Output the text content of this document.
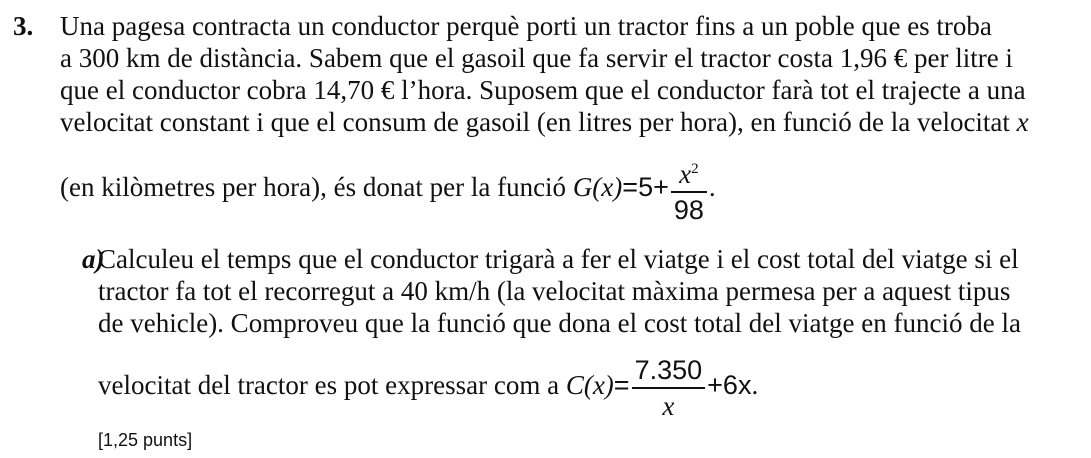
3. Una pagesa contracta un conductor perquè porti un tractor fins a un poble que es troba
a 300 km de distància. Sabem que el gasoil que fa servir el tractor costa 1,96 € per litre i
que el conductor cobra 14,70 € l’hora. Suposem que el conductor farà tot el trajecte a una
velocitat constant i que el consum de gasoil (en litres per hora), en funció de la velocitat x
(en kilòmetres per hora), és donat per la funció $G(x)=5+ \frac{x^2}{98}$ .
a)
Calculeu el temps que el conductor trigarà a fer el viatge i el cost total del viatge si el
tractor fa tot el recorregut a 40 km/h (la velocitat màxima permesa per a aquest tipus
de vehicle). Comproveu que la funció que dona el cost total del viatge en funció de la
velocitat del tractor es pot expressar com a $C(x)= \frac{7.350}{x} +6x$.
[1,25 punts]
